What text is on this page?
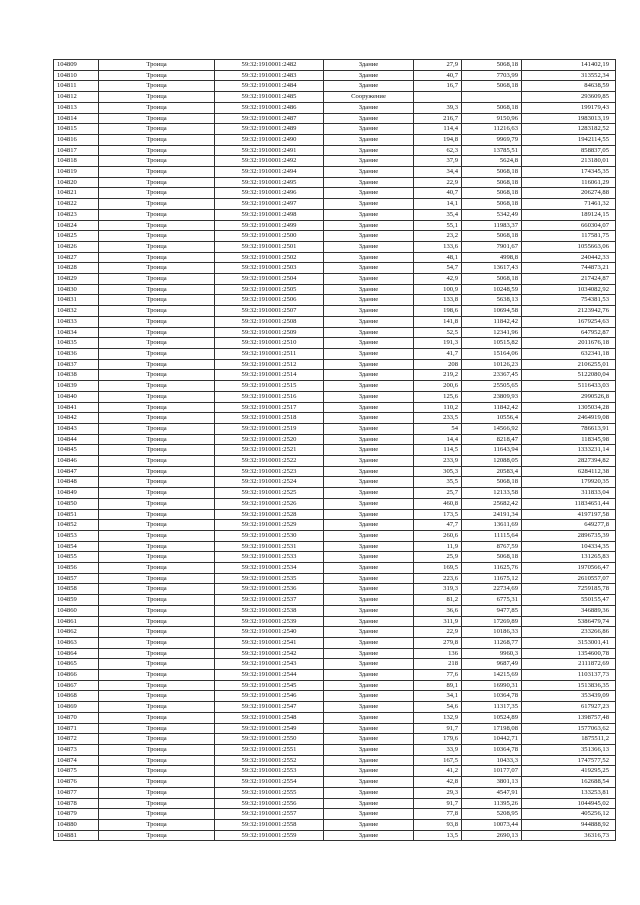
104809	Троица	59:32:1910001:2482	Здание	27,9	5068,18	141402,19
104810	Троица	59:32:1910001:2483	Здание	40,7	7703,99	313552,34
104811	Троица	59:32:1910001:2484	Здание	16,7	5068,18	84638,59
104812	Троица	59:32:1910001:2485	Сооружение			293609,85
104813	Троица	59:32:1910001:2486	Здание	39,3	5068,18	199179,43
104814	Троица	59:32:1910001:2487	Здание	216,7	9150,96	1983013,19
104815	Троица	59:32:1910001:2489	Здание	114,4	11216,63	1283182,52
104816	Троица	59:32:1910001:2490	Здание	194,8	9969,79	1942114,55
104817	Троица	59:32:1910001:2491	Здание	62,3	13785,51	858837,05
104818	Троица	59:32:1910001:2492	Здание	37,9	5624,8	213180,01
104819	Троица	59:32:1910001:2494	Здание	34,4	5068,18	174345,35
104820	Троица	59:32:1910001:2495	Здание	22,9	5068,18	116061,29
104821	Троица	59:32:1910001:2496	Здание	40,7	5068,18	206274,88
104822	Троица	59:32:1910001:2497	Здание	14,1	5068,18	71461,32
104823	Троица	59:32:1910001:2498	Здание	35,4	5342,49	189124,15
104824	Троица	59:32:1910001:2499	Здание	55,1	11983,37	660304,07
104825	Троица	59:32:1910001:2500	Здание	23,2	5068,18	117581,75
104826	Троица	59:32:1910001:2501	Здание	133,6	7901,67	1055663,06
104827	Троица	59:32:1910001:2502	Здание	48,1	4998,8	240442,33
104828	Троица	59:32:1910001:2503	Здание	54,7	13617,43	744873,21
104829	Троица	59:32:1910001:2504	Здание	42,9	5068,18	217424,87
104830	Троица	59:32:1910001:2505	Здание	100,9	10248,59	1034082,92
104831	Троица	59:32:1910001:2506	Здание	133,8	5638,13	754381,53
104832	Троица	59:32:1910001:2507	Здание	198,6	10694,58	2123942,76
104833	Троица	59:32:1910001:2508	Здание	141,8	11842,42	1679254,63
104834	Троица	59:32:1910001:2509	Здание	52,5	12341,96	647952,87
104835	Троица	59:32:1910001:2510	Здание	191,3	10515,82	2011676,18
104836	Троица	59:32:1910001:2511	Здание	41,7	15164,06	632341,18
104837	Троица	59:32:1910001:2512	Здание	208	10126,23	2106255,01
104838	Троица	59:32:1910001:2514	Здание	219,2	23367,45	5122080,04
104839	Троица	59:32:1910001:2515	Здание	200,6	25505,65	5116433,03
104840	Троица	59:32:1910001:2516	Здание	125,6	23809,93	2990526,8
104841	Троица	59:32:1910001:2517	Здание	110,2	11842,42	1305034,28
104842	Троица	59:32:1910001:2518	Здание	233,5	10556,4	2464919,08
104843	Троица	59:32:1910001:2519	Здание	54	14566,92	786613,91
104844	Троица	59:32:1910001:2520	Здание	14,4	8218,47	118345,98
104845	Троица	59:32:1910001:2521	Здание	114,5	11643,94	1333231,14
104846	Троица	59:32:1910001:2522	Здание	233,9	12088,05	2827394,82
104847	Троица	59:32:1910001:2523	Здание	305,3	20583,4	6284112,38
104848	Троица	59:32:1910001:2524	Здание	35,5	5068,18	179920,35
104849	Троица	59:32:1910001:2525	Здание	25,7	12133,58	311833,04
104850	Троица	59:32:1910001:2526	Здание	460,8	25682,42	11834651,44
104851	Троица	59:32:1910001:2528	Здание	173,5	24191,34	4197197,58
104852	Троица	59:32:1910001:2529	Здание	47,7	13611,69	649277,8
104853	Троица	59:32:1910001:2530	Здание	260,6	11115,64	2896735,39
104854	Троица	59:32:1910001:2531	Здание	11,9	8767,59	104334,35
104855	Троица	59:32:1910001:2533	Здание	25,9	5068,18	131265,83
104856	Троица	59:32:1910001:2534	Здание	169,5	11625,76	1970566,47
104857	Троица	59:32:1910001:2535	Здание	223,6	11675,12	2610557,07
104858	Троица	59:32:1910001:2536	Здание	319,3	22734,69	7259185,78
104859	Троица	59:32:1910001:2537	Здание	81,2	6775,31	550155,47
104860	Троица	59:32:1910001:2538	Здание	36,6	9477,85	346889,36
104861	Троица	59:32:1910001:2539	Здание	311,9	17269,89	5386479,74
104862	Троица	59:32:1910001:2540	Здание	22,9	10186,33	233266,86
104863	Троица	59:32:1910001:2541	Здание	279,8	11268,77	3153001,41
104864	Троица	59:32:1910001:2542	Здание	136	9960,3	1354600,78
104865	Троица	59:32:1910001:2543	Здание	218	9687,49	2111872,69
104866	Троица	59:32:1910001:2544	Здание	77,6	14215,69	1103137,73
104867	Троица	59:32:1910001:2545	Здание	89,1	16990,31	1513836,35
104868	Троица	59:32:1910001:2546	Здание	34,1	10364,78	353439,09
104869	Троица	59:32:1910001:2547	Здание	54,6	11317,35	617927,23
104870	Троица	59:32:1910001:2548	Здание	132,9	10524,89	1398757,48
104871	Троица	59:32:1910001:2549	Здание	91,7	17198,08	1577063,62
104872	Троица	59:32:1910001:2550	Здание	179,6	10442,71	1875511,2
104873	Троица	59:32:1910001:2551	Здание	33,9	10364,78	351366,13
104874	Троица	59:32:1910001:2552	Здание	167,5	10433,3	1747577,52
104875	Троица	59:32:1910001:2553	Здание	41,2	10177,07	419295,25
104876	Троица	59:32:1910001:2554	Здание	42,8	3801,13	162688,54
104877	Троица	59:32:1910001:2555	Здание	29,3	4547,91	133253,81
104878	Троица	59:32:1910001:2556	Здание	91,7	11395,26	1044945,02
104879	Троица	59:32:1910001:2557	Здание	77,8	5208,95	405256,12
104880	Троица	59:32:1910001:2558	Здание	93,8	10073,44	944888,92
104881	Троица	59:32:1910001:2559	Здание	13,5	2690,13	36316,73
